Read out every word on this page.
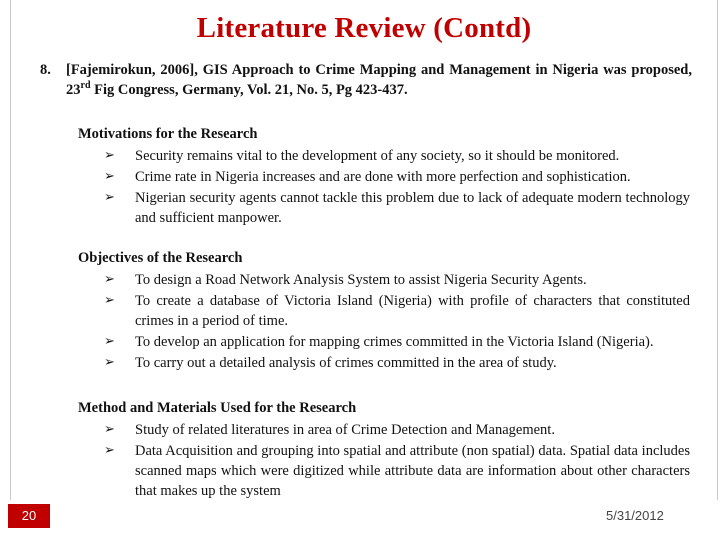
Literature Review (Contd)
8. [Fajemirokun, 2006], GIS Approach to Crime Mapping and Management in Nigeria was proposed, 23rd Fig Congress, Germany, Vol. 21, No. 5, Pg 423-437.
Motivations for the Research
➢ Security remains vital to the development of any society, so it should be monitored.
➢ Crime rate in Nigeria increases and are done with more perfection and sophistication.
➢ Nigerian security agents cannot tackle this problem due to lack of adequate modern technology and sufficient manpower.
Objectives of the Research
➢ To design a Road Network Analysis System to assist Nigeria Security Agents.
➢ To create a database of Victoria Island (Nigeria) with profile of characters that constituted crimes in a period of time.
➢ To develop an application for mapping crimes committed in the Victoria Island (Nigeria).
➢ To carry out a detailed analysis of crimes committed in the area of study.
Method and Materials Used for the Research
➢ Study of related literatures in area of Crime Detection and Management.
➢ Data Acquisition and grouping into spatial and attribute (non spatial) data. Spatial data includes scanned maps which were digitized while attribute data are information about other characters that makes up the system
20	5/31/2012
